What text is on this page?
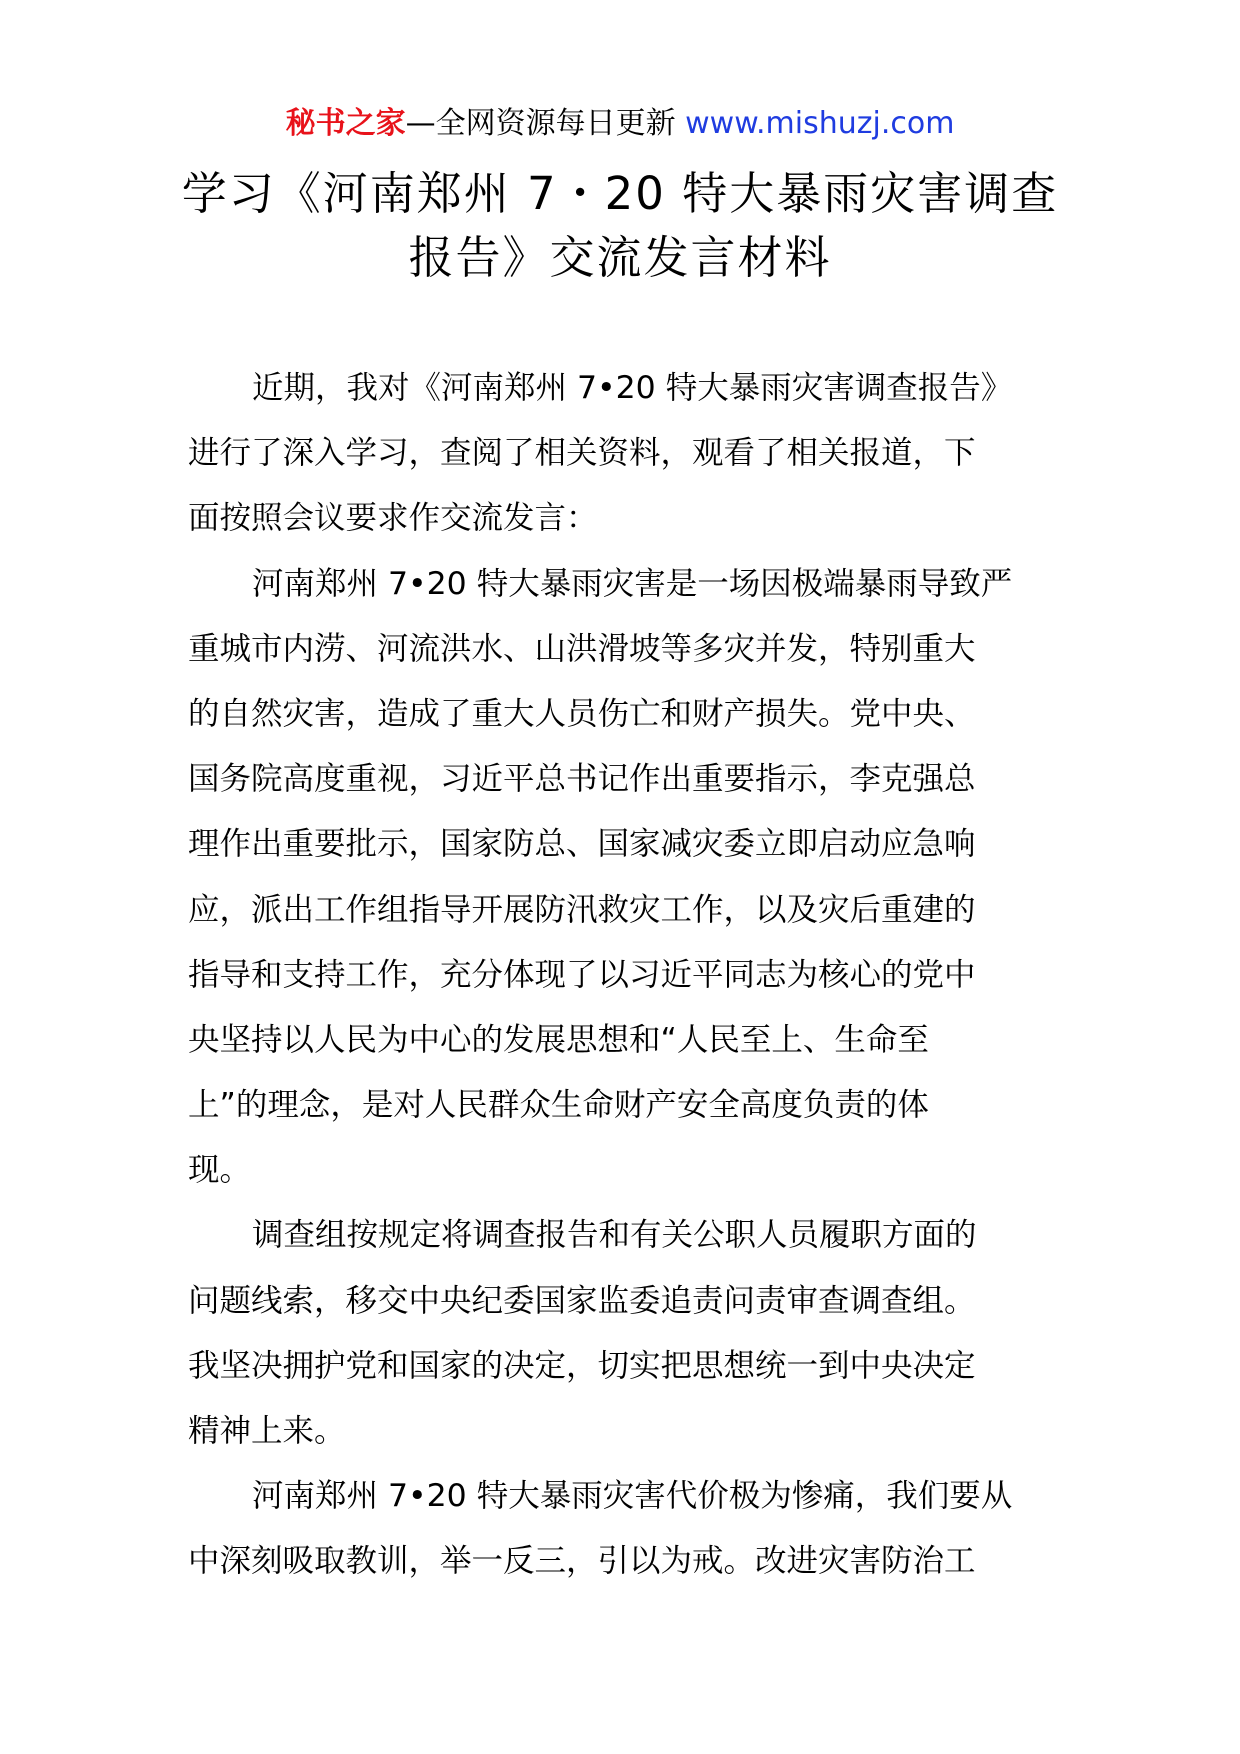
秘书之家—全网资源每日更新 www.mishuzj.com
学习《河南郑州 7・20 特大暴雨灾害调查
报告》交流发言材料
近期，我对《河南郑州 7•20 特大暴雨灾害调查报告》
进行了深入学习，查阅了相关资料，观看了相关报道，下
面按照会议要求作交流发言：
河南郑州 7•20 特大暴雨灾害是一场因极端暴雨导致严
重城市内涝、河流洪水、山洪滑坡等多灾并发，特别重大
的自然灾害，造成了重大人员伤亡和财产损失。党中央、
国务院高度重视，习近平总书记作出重要指示，李克强总
理作出重要批示，国家防总、国家减灾委立即启动应急响
应，派出工作组指导开展防汛救灾工作，以及灾后重建的
指导和支持工作，充分体现了以习近平同志为核心的党中
央坚持以人民为中心的发展思想和“人民至上、生命至
上”的理念，是对人民群众生命财产安全高度负责的体
现。
调查组按规定将调查报告和有关公职人员履职方面的
问题线索，移交中央纪委国家监委追责问责审查调查组。
我坚决拥护党和国家的决定，切实把思想统一到中央决定
精神上来。
河南郑州 7•20 特大暴雨灾害代价极为惨痛，我们要从
中深刻吸取教训，举一反三，引以为戒。改进灾害防治工
